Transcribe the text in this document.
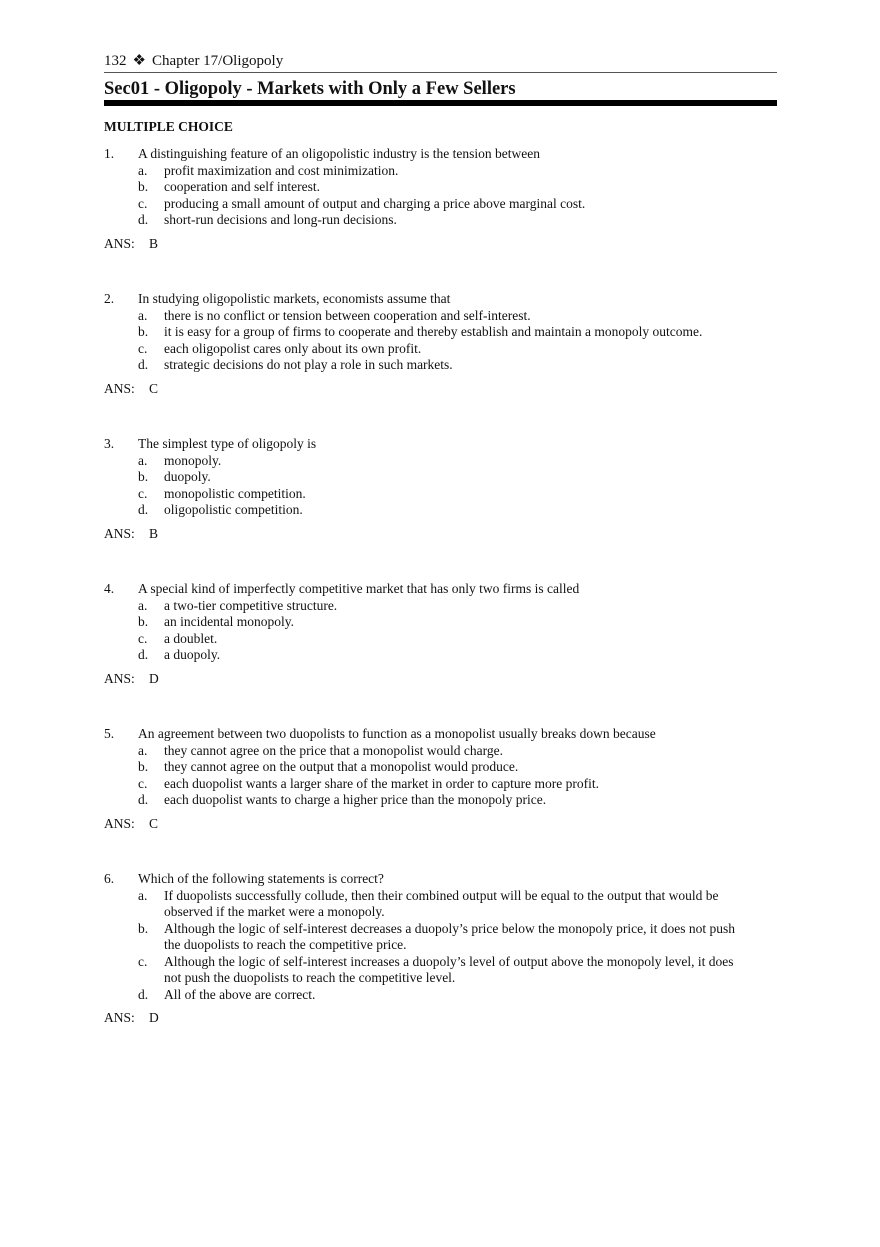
132 ❖ Chapter 17/Oligopoly
Sec01 - Oligopoly - Markets with Only a Few Sellers
MULTIPLE CHOICE
1.	A distinguishing feature of an oligopolistic industry is the tension between
a.	profit maximization and cost minimization.
b.	cooperation and self interest.
c.	producing a small amount of output and charging a price above marginal cost.
d.	short-run decisions and long-run decisions.
ANS: B
2.	In studying oligopolistic markets, economists assume that
a.	there is no conflict or tension between cooperation and self-interest.
b.	it is easy for a group of firms to cooperate and thereby establish and maintain a monopoly outcome.
c.	each oligopolist cares only about its own profit.
d.	strategic decisions do not play a role in such markets.
ANS: C
3.	The simplest type of oligopoly is
a.	monopoly.
b.	duopoly.
c.	monopolistic competition.
d.	oligopolistic competition.
ANS: B
4.	A special kind of imperfectly competitive market that has only two firms is called
a.	a two-tier competitive structure.
b.	an incidental monopoly.
c.	a doublet.
d.	a duopoly.
ANS: D
5.	An agreement between two duopolists to function as a monopolist usually breaks down because
a.	they cannot agree on the price that a monopolist would charge.
b.	they cannot agree on the output that a monopolist would produce.
c.	each duopolist wants a larger share of the market in order to capture more profit.
d.	each duopolist wants to charge a higher price than the monopoly price.
ANS: C
6.	Which of the following statements is correct?
a.	If duopolists successfully collude, then their combined output will be equal to the output that would be observed if the market were a monopoly.
b.	Although the logic of self-interest decreases a duopoly’s price below the monopoly price, it does not push the duopolists to reach the competitive price.
c.	Although the logic of self-interest increases a duopoly’s level of output above the monopoly level, it does not push the duopolists to reach the competitive level.
d.	All of the above are correct.
ANS: D
